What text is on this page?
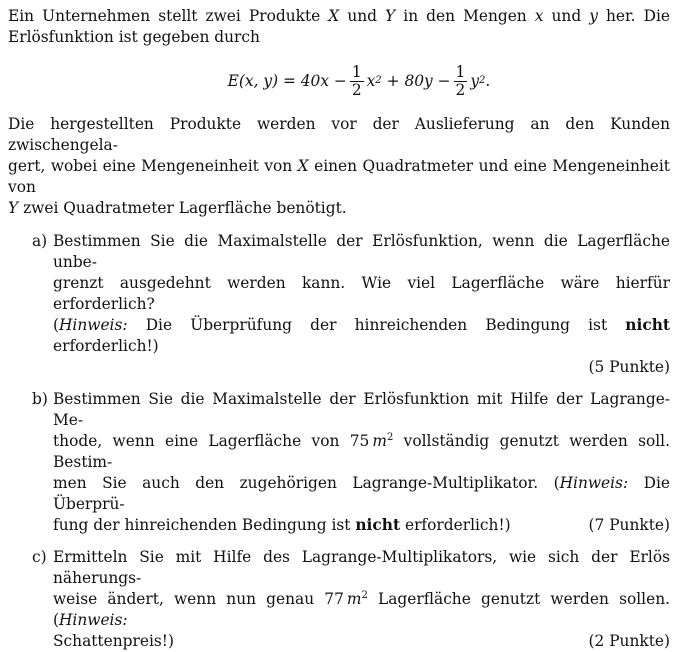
Ein Unternehmen stellt zwei Produkte X und Y in den Mengen x und y her. Die

Erlösfunktion ist gegeben durch

E(x, $y) = 40x - \frac{1}{2}$ x $2 + 80y - \frac{1}{2}$ y 2 .

Die hergestellten Produkte werden vor der Auslieferung an den Kunden zwischengela-

gert, wobei eine Mengeneinheit von X einen Quadratmeter und eine Mengeneinheit von

Y zwei Quadratmeter Lagerfläche benötigt.

a) Bestimmen Sie die Maximalstelle der Erlösfunktion, wenn die Lagerfläche unbe-

grenzt ausgedehnt werden kann. Wie viel Lagerfläche wäre hierfür erforderlich?

(Hinweis: Die Überprüfung der hinreichenden Bedingung ist nicht erforderlich!)

(5 Punkte)

b) Bestimmen Sie die Maximalstelle der Erlösfunktion mit Hilfe der Lagrange-Me-

thode, wenn eine Lagerfläche von 75 $m^2$ vollständig genutzt werden soll. Bestim-

men Sie auch den zugehörigen Lagrange-Multiplikator. (Hinweis: Die Überprü-

fung der hinreichenden Bedingung ist nicht erforderlich!)	(7 Punkte)
c) Ermitteln Sie mit Hilfe des Lagrange-Multiplikators, wie sich der Erlös näherungs-

weise ändert, wenn nun genau 77 $m^2$ Lagerfläche genutzt werden sollen. (Hinweis:

Schattenpreis!)	(2 Punkte)
